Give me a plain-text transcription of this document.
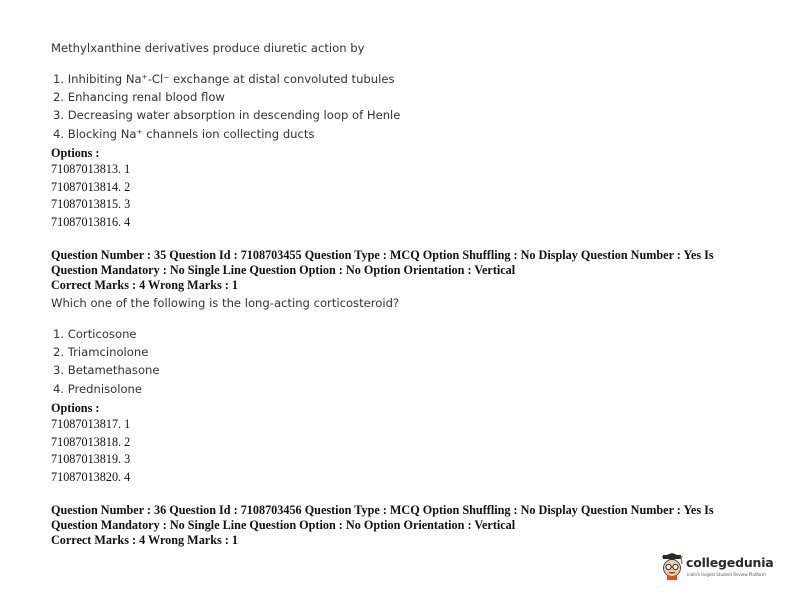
Methylxanthine derivatives produce diuretic action by
1. Inhibiting Na⁺-Cl⁻ exchange at distal convoluted tubules
2. Enhancing renal blood flow
3. Decreasing water absorption in descending loop of Henle
4. Blocking Na⁺ channels ion collecting ducts
Options :
71087013813. 1
71087013814. 2
71087013815. 3
71087013816. 4
Question Number : 35 Question Id : 7108703455 Question Type : MCQ Option Shuffling : No Display Question Number : Yes Is
Question Mandatory : No Single Line Question Option : No Option Orientation : Vertical
Correct Marks : 4 Wrong Marks : 1
Which one of the following is the long-acting corticosteroid?
1. Corticosone
2. Triamcinolone
3. Betamethasone
4. Prednisolone
Options :
71087013817. 1
71087013818. 2
71087013819. 3
71087013820. 4
Question Number : 36 Question Id : 7108703456 Question Type : MCQ Option Shuffling : No Display Question Number : Yes Is
Question Mandatory : No Single Line Question Option : No Option Orientation : Vertical
Correct Marks : 4 Wrong Marks : 1
collegedunia
India's largest Student Review Platform
